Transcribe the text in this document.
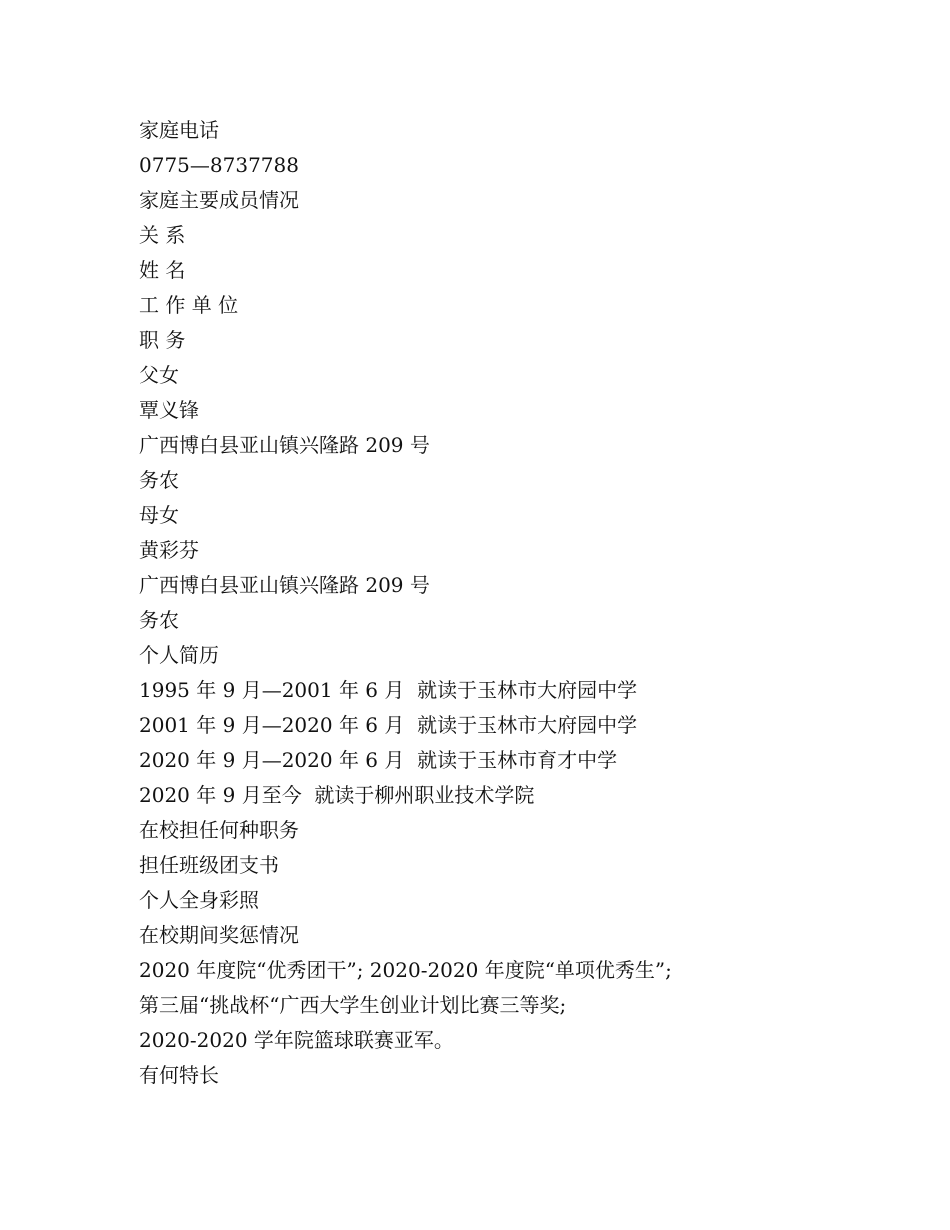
家庭电话
0775—8737788
家庭主要成员情况
关 系
姓 名
工 作 单 位
职 务
父女
覃义锋
广西博白县亚山镇兴隆路 209 号
务农
母女
黄彩芬
广西博白县亚山镇兴隆路 209 号
务农
个人简历
1995 年 9 月—2001 年 6 月  就读于玉林市大府园中学
2001 年 9 月—2020 年 6 月  就读于玉林市大府园中学
2020 年 9 月—2020 年 6 月  就读于玉林市育才中学
2020 年 9 月至今  就读于柳州职业技术学院
在校担任何种职务
担任班级团支书
个人全身彩照
在校期间奖惩情况
2020 年度院“优秀团干”; 2020-2020 年度院“单项优秀生”;
第三届“挑战杯“广西大学生创业计划比赛三等奖;
2020-2020 学年院篮球联赛亚军。
有何特长
